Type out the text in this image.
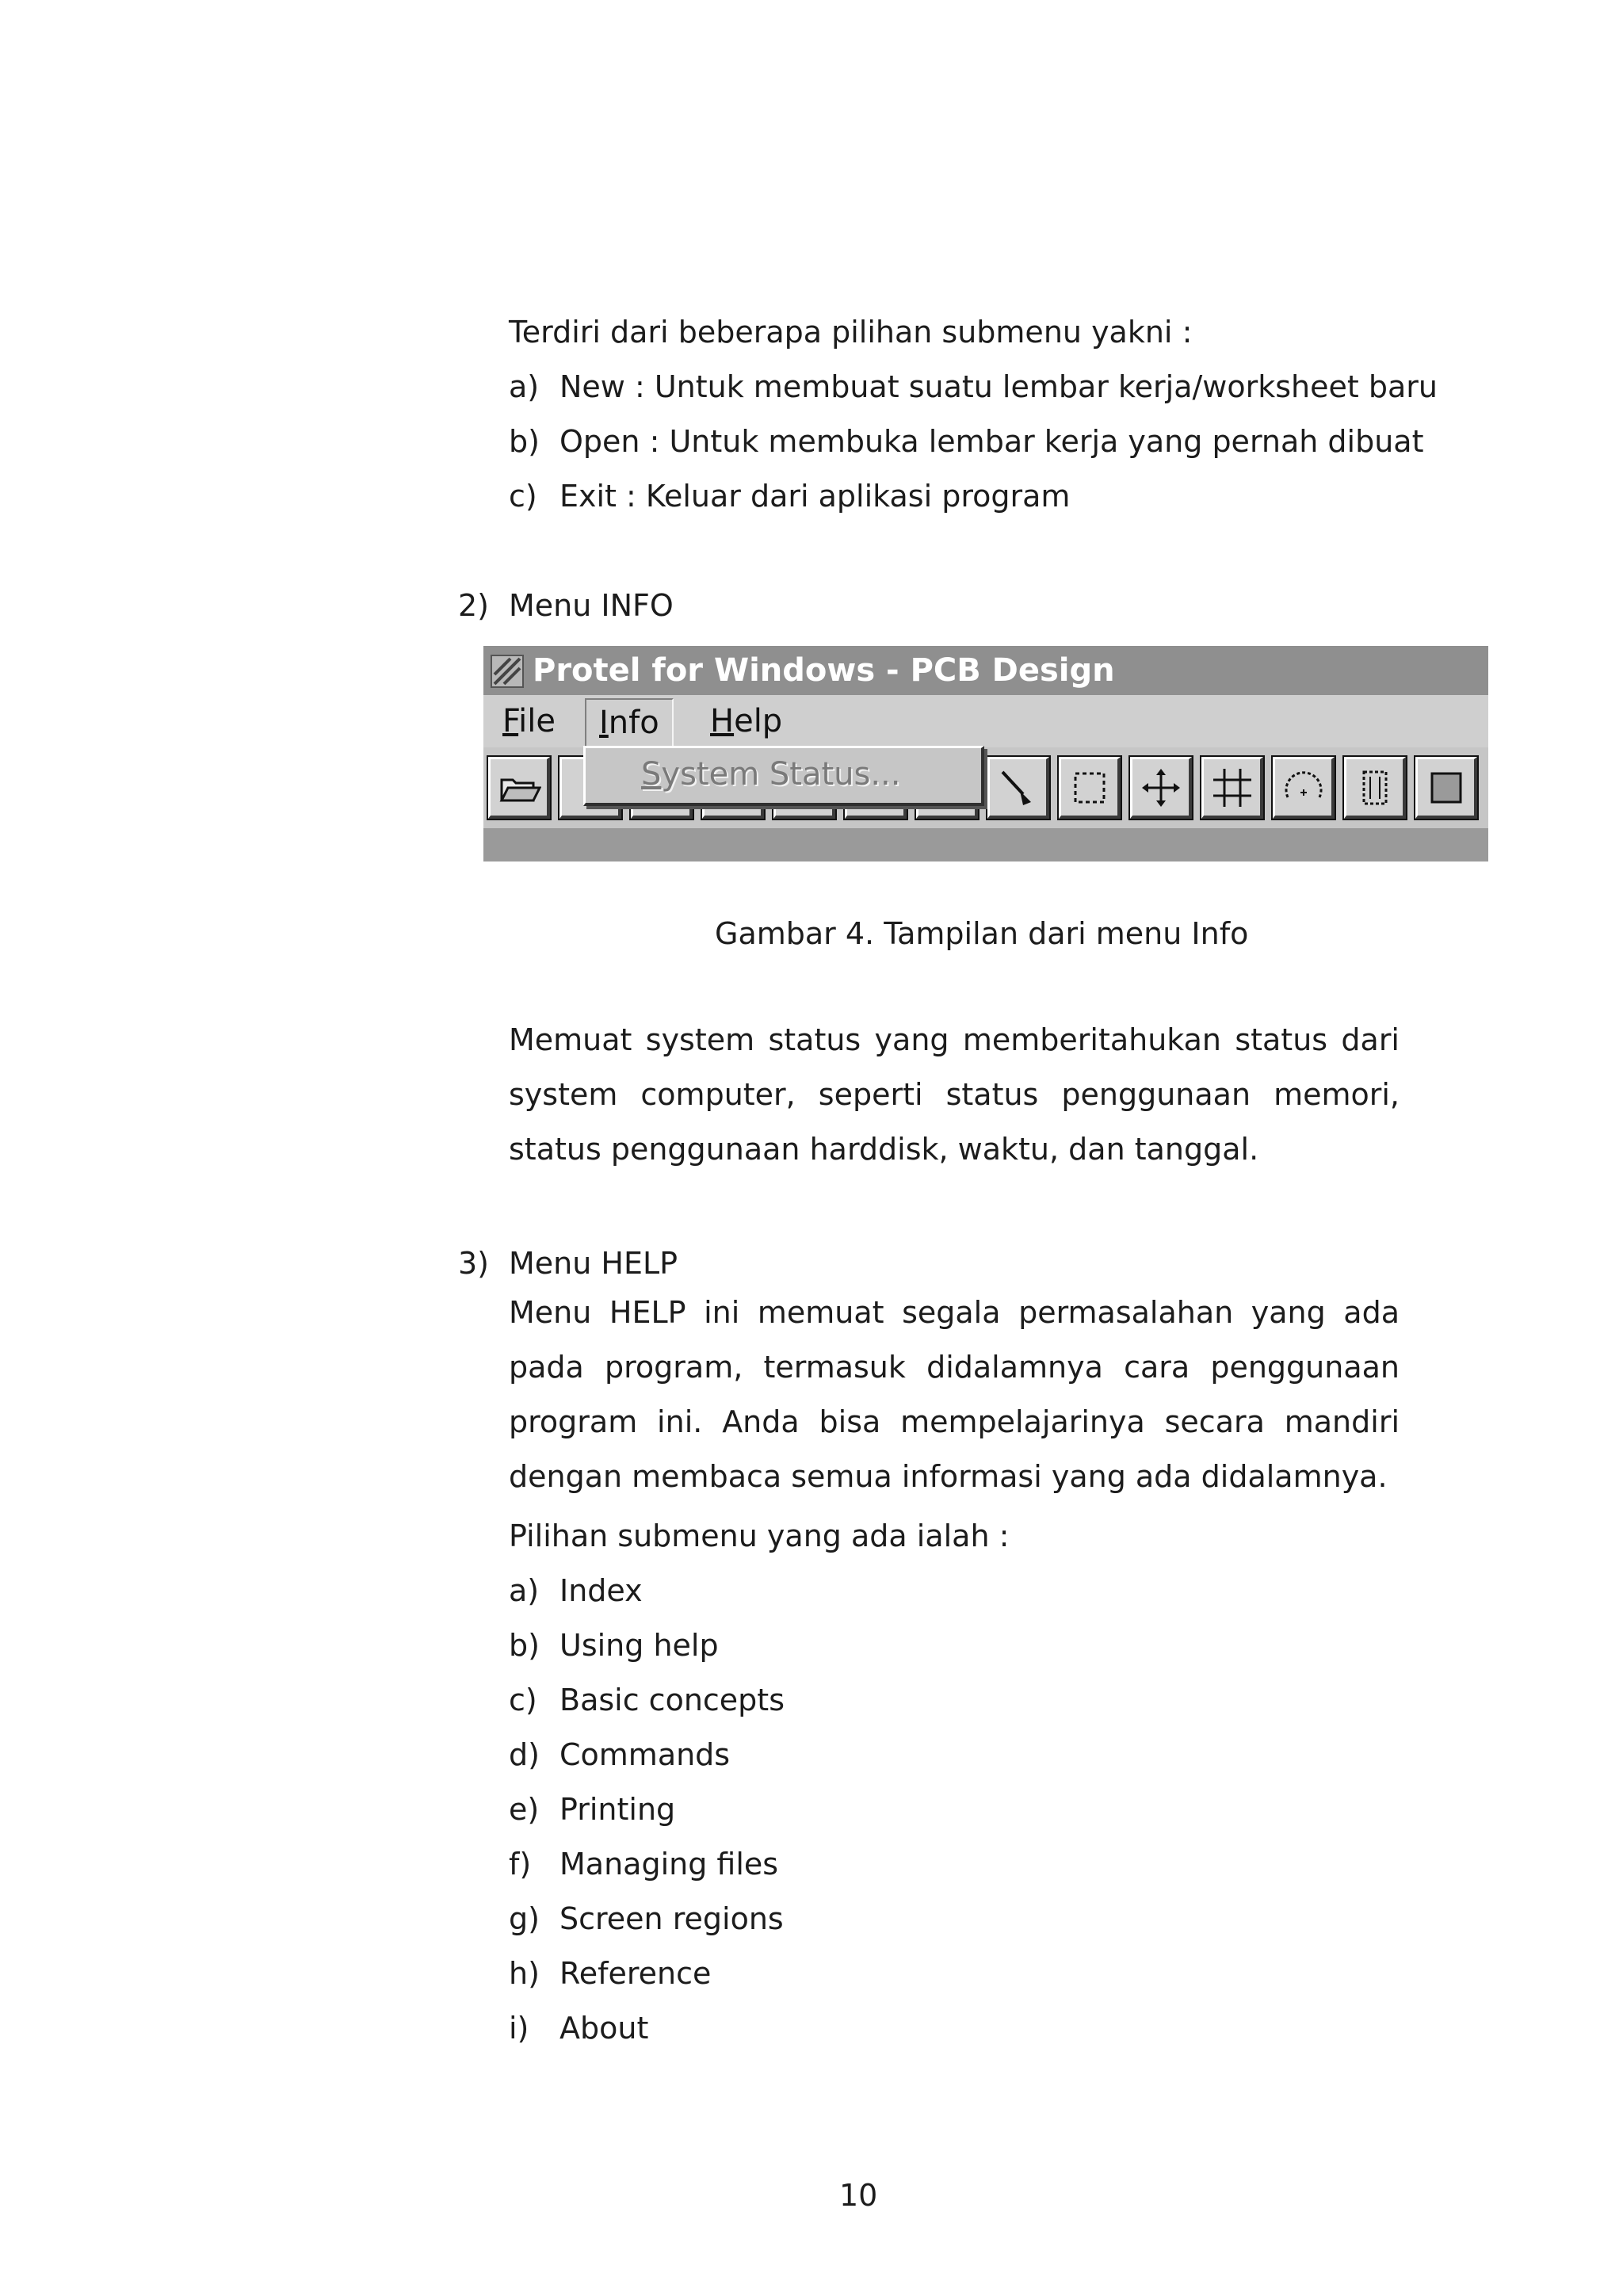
Terdiri dari beberapa pilihan submenu yakni :
a) New : Untuk membuat suatu lembar kerja/worksheet baru
b) Open : Untuk membuka lembar kerja yang pernah dibuat
c) Exit : Keluar dari aplikasi program
2) Menu INFO
Protel for Windows - PCB Design
File	Info	Help
System Status...
Gambar 4. Tampilan dari menu Info
Memuat system status yang memberitahukan status dari system computer, seperti status penggunaan memori, status penggunaan harddisk, waktu, dan tanggal.
3) Menu HELP
Menu HELP ini memuat segala permasalahan yang ada pada program, termasuk didalamnya cara penggunaan program ini. Anda bisa mempelajarinya secara mandiri dengan membaca semua informasi yang ada didalamnya.
Pilihan submenu yang ada ialah :
a) Index
b) Using help
c) Basic concepts
d) Commands
e) Printing
f) Managing files
g) Screen regions
h) Reference
i) About
10
